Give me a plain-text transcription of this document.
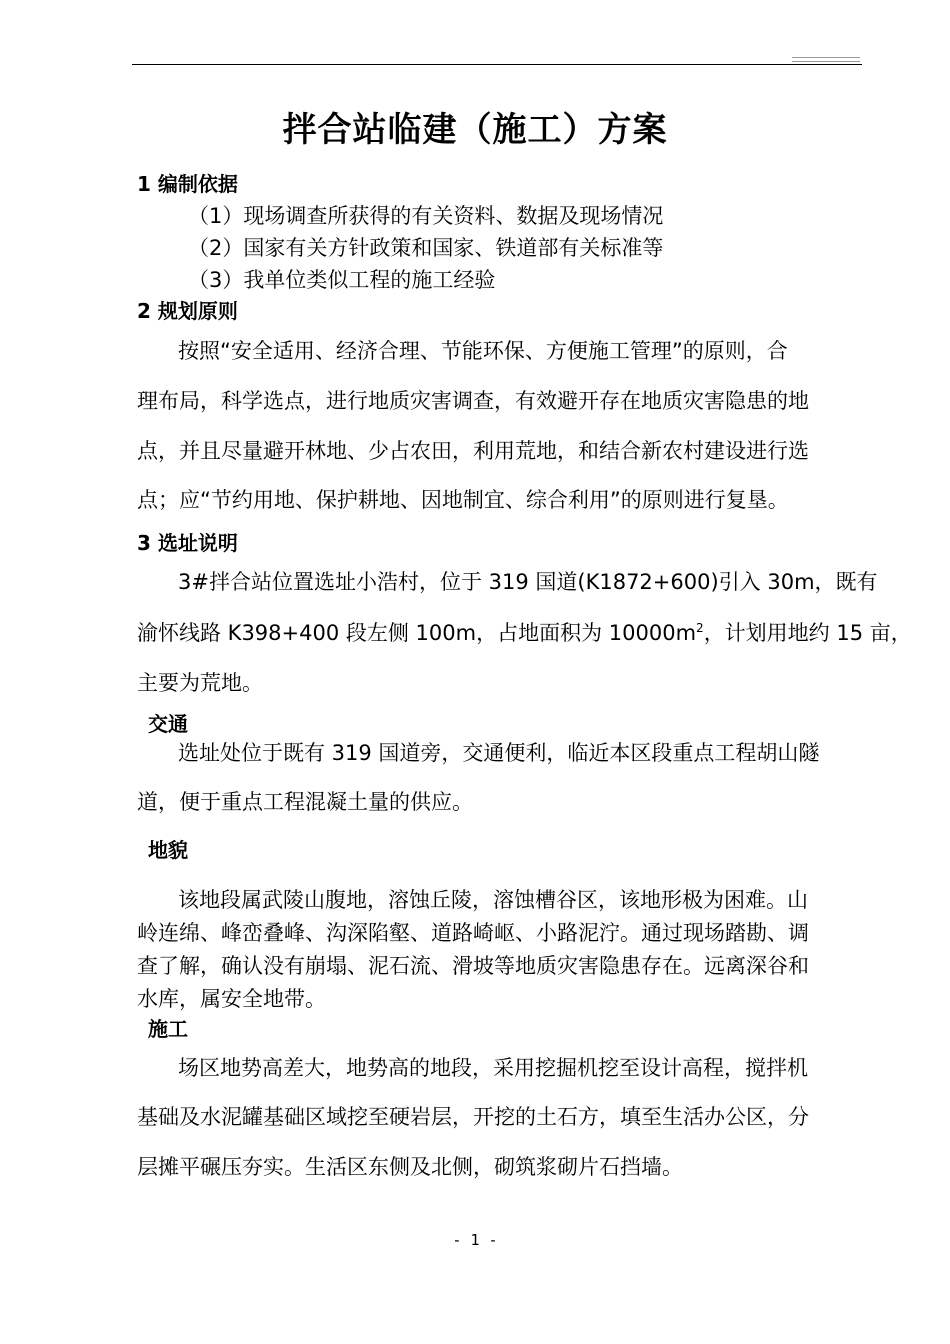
拌合站临建（施工）方案
1 编制依据
（1）现场调查所获得的有关资料、数据及现场情况
（2）国家有关方针政策和国家、铁道部有关标准等
（3）我单位类似工程的施工经验
2 规划原则
按照“安全适用、经济合理、节能环保、方便施工管理”的原则，合
理布局，科学选点，进行地质灾害调查，有效避开存在地质灾害隐患的地
点，并且尽量避开林地、少占农田，利用荒地，和结合新农村建设进行选
点；应“节约用地、保护耕地、因地制宜、综合利用”的原则进行复垦。
3 选址说明
3#拌合站位置选址小浩村，位于 319 国道(K1872+600)引入 30m，既有
渝怀线路 K398+400 段左侧 100m，占地面积为 $10000m^2$，计划用地约 15 亩，
主要为荒地。
交通
选址处位于既有 319 国道旁，交通便利，临近本区段重点工程胡山隧
道，便于重点工程混凝土量的供应。
地貌
该地段属武陵山腹地，溶蚀丘陵，溶蚀槽谷区，该地形极为困难。山
岭连绵、峰峦叠峰、沟深陷壑、道路崎岖、小路泥泞。通过现场踏勘、调
查了解，确认没有崩塌、泥石流、滑坡等地质灾害隐患存在。远离深谷和
水库，属安全地带。
施工
场区地势高差大，地势高的地段，采用挖掘机挖至设计高程，搅拌机
基础及水泥罐基础区域挖至硬岩层，开挖的土石方，填至生活办公区，分
层摊平碾压夯实。生活区东侧及北侧，砌筑浆砌片石挡墙。
- 1 -
